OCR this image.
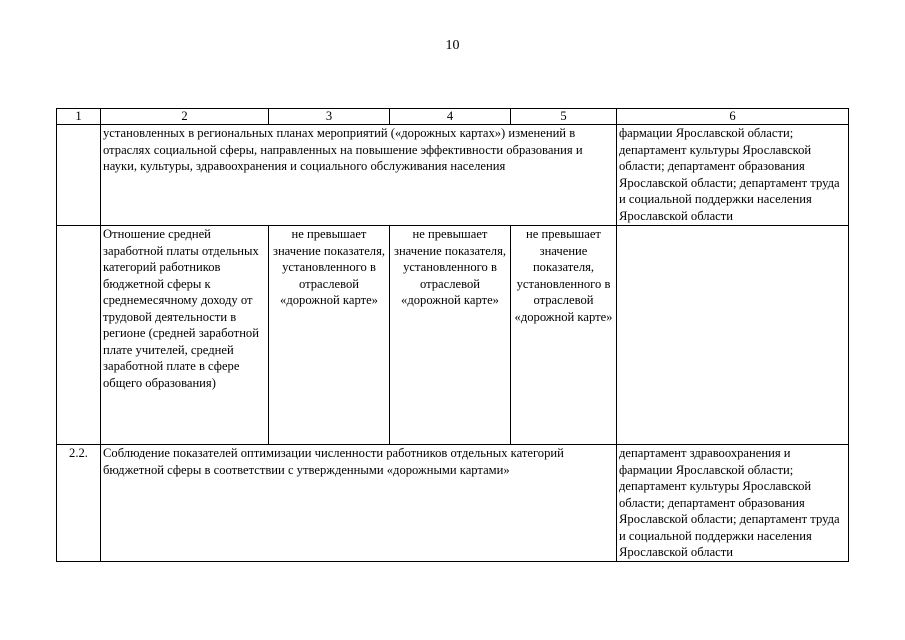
10
1	2	3	4	5	6
	установленных в региональных планах мероприятий («дорожных картах») изменений в отраслях социальной сферы, направленных на повышение эффективности образования и науки, культуры, здравоохранения и социального обслуживания населения				фармации Ярославской области; департамент культуры Ярославской области; департамент образования Ярославской области; департамент труда и социальной поддержки населения Ярославской области
	Отношение средней заработной платы отдельных категорий работников бюджетной сферы к среднемесячному доходу от трудовой деятельности в регионе (средней заработной плате учителей, средней заработной плате в сфере общего образования)	не превышает значение показателя, установленного в отраслевой «дорожной карте»	не превышает значение показателя, установленного в отраслевой «дорожной карте»	не превышает значение показателя, установленного в отраслевой «дорожной карте»	
2.2.	Соблюдение показателей оптимизации численности работников отдельных категорий бюджетной сферы в соответствии с утвержденными «дорожными картами»				департамент здравоохранения и фармации Ярославской области; департамент культуры Ярославской области; департамент образования Ярославской области; департамент труда и социальной поддержки населения Ярославской области
